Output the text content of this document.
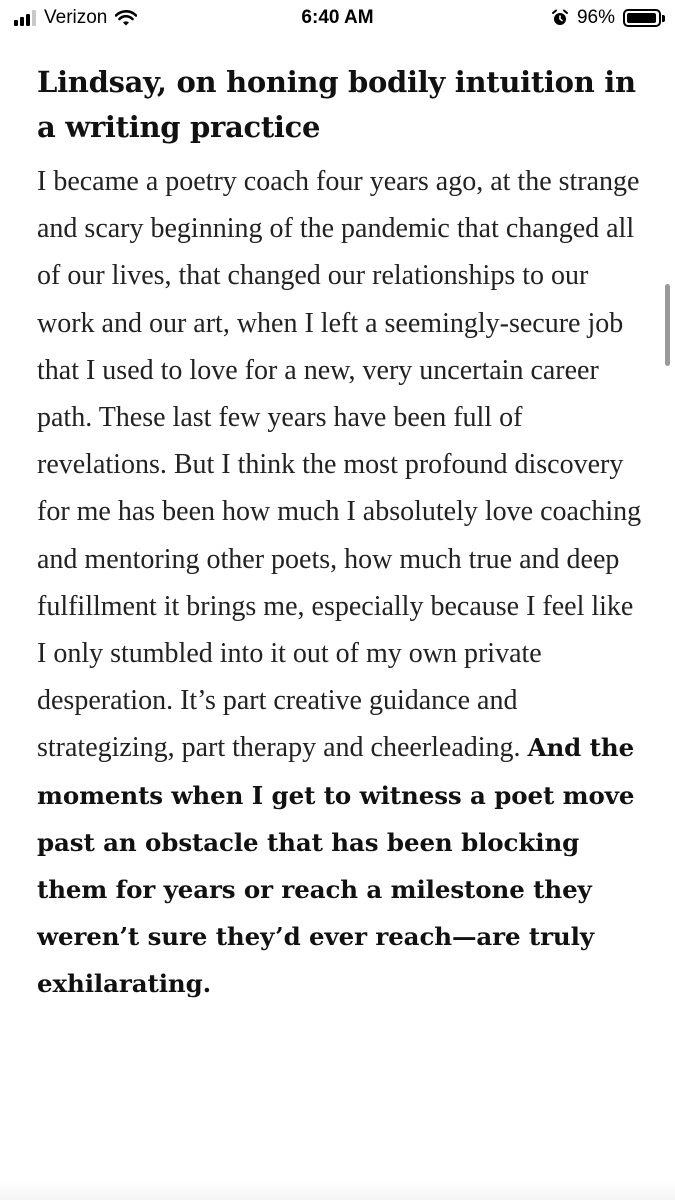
Verizon	6:40 AM	96%
Lindsay, on honing bodily intuition in a writing practice

I became a poetry coach four years ago, at the strange and scary beginning of the pandemic that changed all of our lives, that changed our relationships to our work and our art, when I left a seemingly-secure job that I used to love for a new, very uncertain career path. These last few years have been full of revelations. But I think the most profound discovery for me has been how much I absolutely love coaching and mentoring other poets, how much true and deep fulfillment it brings me, especially because I feel like I only stumbled into it out of my own private desperation. It’s part creative guidance and strategizing, part therapy and cheerleading. And the moments when I get to witness a poet move past an obstacle that has been blocking them for years or reach a milestone they weren’t sure they’d ever reach—are truly exhilarating.
